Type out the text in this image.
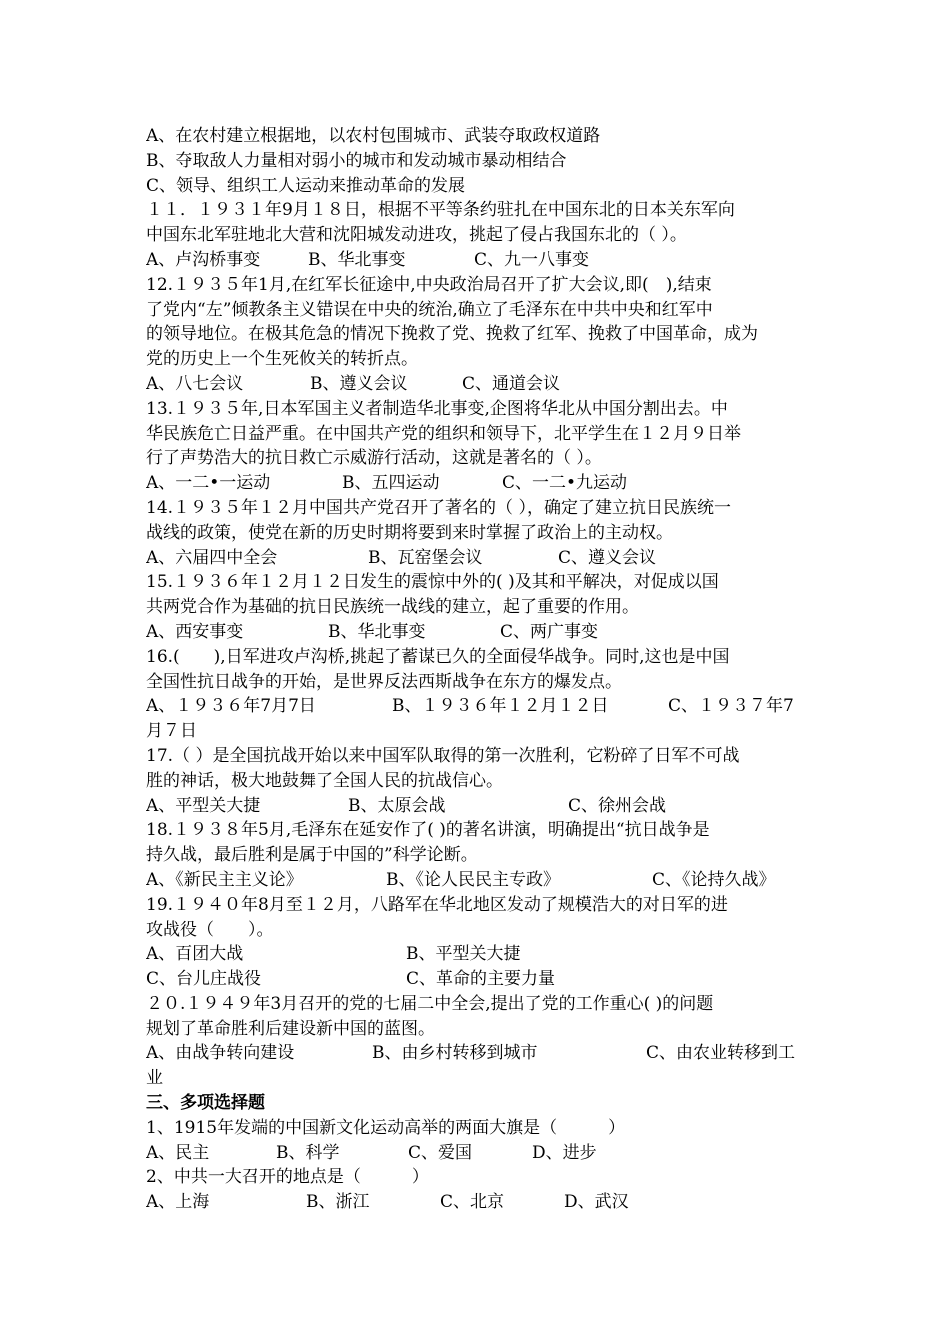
A、在农村建立根据地，以农村包围城市、武装夺取政权道路
B、夺取敌人力量相对弱小的城市和发动城市暴动相结合
C、领导、组织工人运动来推动革命的发展
１１．１９３１年9月１８日，根据不平等条约驻扎在中国东北的日本关东军向
中国东北军驻地北大营和沈阳城发动进攻，挑起了侵占我国东北的（ ）。
A、卢沟桥事变	B、华北事变	C、九一八事变
12.１９３５年1月,在红军长征途中,中央政治局召开了扩大会议,即(　),结束
了党内“左”倾教条主义错误在中央的统治,确立了毛泽东在中共中央和红军中
的领导地位。在极其危急的情况下挽救了党、挽救了红军、挽救了中国革命，成为
党的历史上一个生死攸关的转折点。
A、八七会议	B、遵义会议	C、通道会议
13.１９３５年,日本军国主义者制造华北事变,企图将华北从中国分割出去。中
华民族危亡日益严重。在中国共产党的组织和领导下，北平学生在１２月９日举
行了声势浩大的抗日救亡示威游行活动，这就是著名的（ ）。
A、一二•一运动	B、五四运动	C、一二•九运动
14.１９３５年１２月中国共产党召开了著名的（ ），确定了建立抗日民族统一
战线的政策，使党在新的历史时期将要到来时掌握了政治上的主动权。
A、六届四中全会	B、瓦窑堡会议	C、遵义会议
15.１９３６年１２月１２日发生的震惊中外的( )及其和平解决，对促成以国
共两党合作为基础的抗日民族统一战线的建立，起了重要的作用。
A、西安事变	B、华北事变	C、两广事变
16.(　　),日军进攻卢沟桥,挑起了蓄谋已久的全面侵华战争。同时,这也是中国
全国性抗日战争的开始，是世界反法西斯战争在东方的爆发点。
A、１９３６年7月7日	B、１９３６年１２月１２日	C、１９３７年7
月７日
17.（ ）是全国抗战开始以来中国军队取得的第一次胜利，它粉碎了日军不可战
胜的神话，极大地鼓舞了全国人民的抗战信心。
A、平型关大捷	B、太原会战	C、徐州会战
18.１９３８年5月,毛泽东在延安作了( )的著名讲演，明确提出“抗日战争是
持久战，最后胜利是属于中国的”科学论断。
A、《新民主主义论》	B、《论人民民主专政》	C、《论持久战》
19.１９４０年8月至１２月，八路军在华北地区发动了规模浩大的对日军的进
攻战役（　　）。
A、百团大战	B、平型关大捷
C、台儿庄战役	C、革命的主要力量
２０.１９４９年3月召开的党的七届二中全会,提出了党的工作重心( )的问题
规划了革命胜利后建设新中国的蓝图。
A、由战争转向建设	B、由乡村转移到城市	C、由农业转移到工
业
三、多项选择题
1、1915年发端的中国新文化运动高举的两面大旗是（　　　）
A、民主	B、科学	C、爱国	D、进步
2、中共一大召开的地点是（　　　）
A、上海	B、浙江	C、北京	D、武汉
